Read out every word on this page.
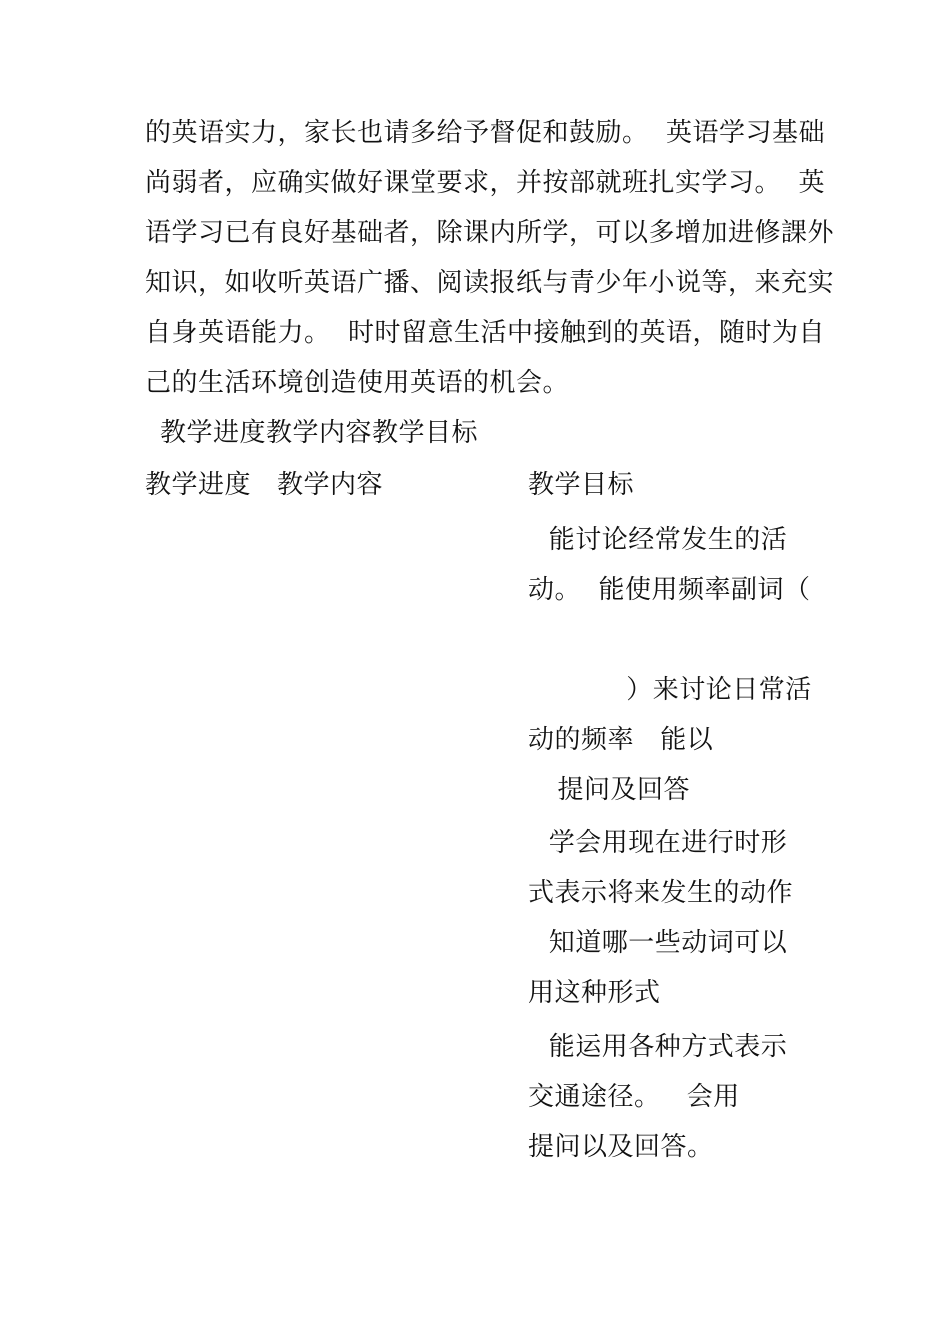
的英语实力，家长也请多给予督促和鼓励。  英语学习基础
尚弱者，应确实做好课堂要求，并按部就班扎实学习。  英
语学习已有良好基础者，除课内所学，可以多增加进修課外
知识，如收听英语广播、阅读报纸与青少年小说等，来充实
自身英语能力。  时时留意生活中接触到的英语，随时为自
己的生活环境创造使用英语的机会。
教学进度教学内容教学目标
教学进度 教学内容	教学目标
能讨论经常发生的活
动。  能使用频率副词（
）来讨论日常活
动的频率   能以
提问及回答
学会用现在进行时形
式表示将来发生的动作
知道哪一些动词可以
用这种形式
能运用各种方式表示
交通途径。   会用
提问以及回答。
